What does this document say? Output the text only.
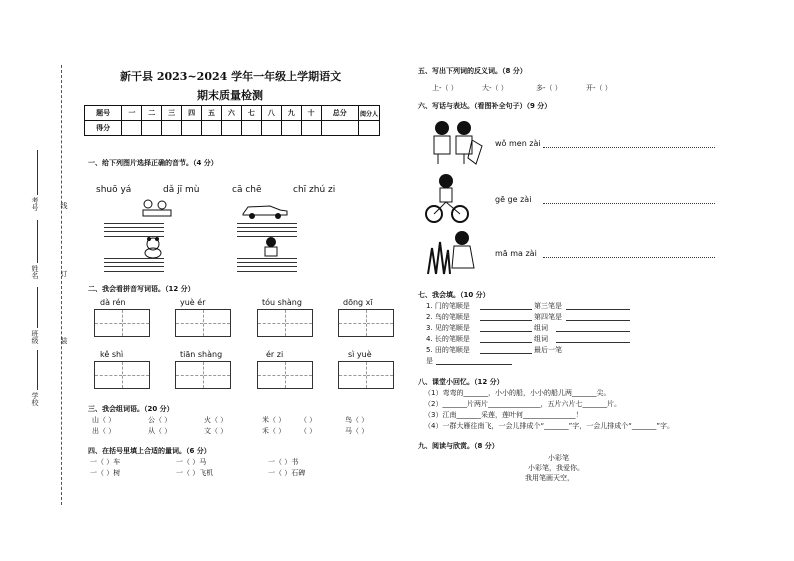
考号	线
姓名	订
班级	装
学校
新干县 2023~2024 学年一年级上学期语文
期末质量检测
题号	一	二	三	四	五	六	七	八	九	十	总分	阅分人
得分												
一、给下列图片选择正确的音节。（4 分）
shuō yá	dǎ jī mù	cā chē	chī zhú zi
二、我会看拼音写词语。（12 分）
dà rén	yuè ér	tóu shàng	dōng xī
kě shì	tiān shàng	ér zi	sì yuè
三、我会组词语。（20 分）
山（ ）	公（ ）	火（ ）	米（ ） （ ）	鸟（ ）
出（ ）	从（ ）	文（ ）	禾（ ） （ ）	马（ ）
四、在括号里填上合适的量词。（6 分）
一（ ）车	一（ ）马	一（ ）书
一（ ）树	一（ ）飞机	一（ ）石碑
五、写出下列词的反义词。（8 分）
上-（ ）	大-（ ）	多-（ ）	开-（ ）
六、写话与表达。（看图补全句子）（9 分）
wǒ men zài
gē ge zài
mā ma zài
七、我会填。（10 分）
1. 门的笔顺是	第三笔是
2. 鸟的笔顺是	第四笔是
3. 见的笔顺是	组词
4. 长的笔顺是	组词
5. 田的笔顺是	最后一笔
是
八、课堂小回忆。（12 分）
（1）弯弯的_______，小小的船，小小的船儿两_______尖。
（2）_______片两片_______________，五片六片七_______片。
（3）江南_______采莲，莲叶何_______________！
（4）一群大雁往南飞，一会儿排成个“_______”字，一会儿排成个“_______”字。
九、阅读与欣赏。（8 分）
小彩笔
小彩笔，我爱你。
我用笔画天空，
